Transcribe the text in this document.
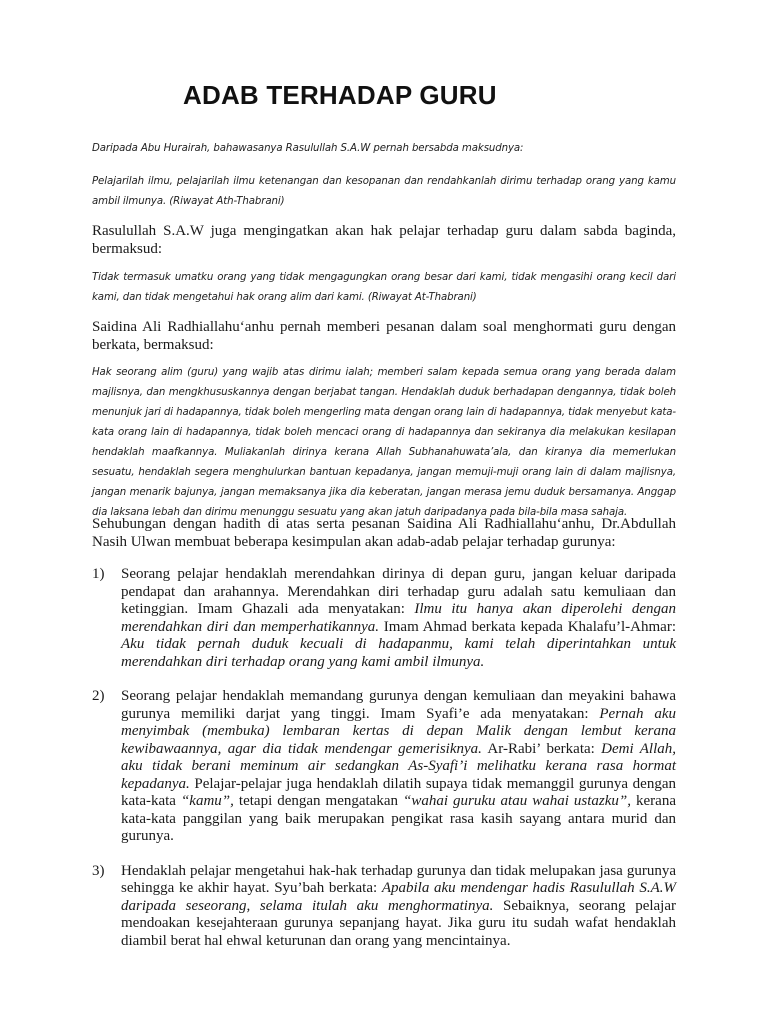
ADAB TERHADAP GURU

Daripada Abu Hurairah, bahawasanya Rasulullah S.A.W pernah bersabda maksudnya:

Pelajarilah ilmu, pelajarilah ilmu ketenangan dan kesopanan dan rendahkanlah dirimu terhadap orang yang kamu ambil ilmunya. (Riwayat Ath-Thabrani)

Rasulullah S.A.W juga mengingatkan akan hak pelajar terhadap guru dalam sabda baginda, bermaksud:

Tidak termasuk umatku orang yang tidak mengagungkan orang besar dari kami, tidak mengasihi orang kecil dari kami, dan tidak mengetahui hak orang alim dari kami. (Riwayat At-Thabrani)

Saidina Ali Radhiallahu‘anhu pernah memberi pesanan dalam soal menghormati guru dengan berkata, bermaksud:

Hak seorang alim (guru) yang wajib atas dirimu ialah; memberi salam kepada semua orang yang berada dalam majlisnya, dan mengkhususkannya dengan berjabat tangan. Hendaklah duduk berhadapan dengannya, tidak boleh menunjuk jari di hadapannya, tidak boleh mengerling mata dengan orang lain di hadapannya, tidak menyebut kata-kata orang lain di hadapannya, tidak boleh mencaci orang di hadapannya dan sekiranya dia melakukan kesilapan hendaklah maafkannya. Muliakanlah dirinya kerana Allah Subhanahuwata’ala, dan kiranya dia memerlukan sesuatu, hendaklah segera menghulurkan bantuan kepadanya, jangan memuji-muji orang lain di dalam majlisnya, jangan menarik bajunya, jangan memaksanya jika dia keberatan, jangan merasa jemu duduk bersamanya. Anggap dia laksana lebah dan dirimu menunggu sesuatu yang akan jatuh daripadanya pada bila-bila masa sahaja.

Sehubungan dengan hadith di atas serta pesanan Saidina Ali Radhiallahu‘anhu, Dr.Abdullah Nasih Ulwan membuat beberapa kesimpulan akan adab-adab pelajar terhadap gurunya:

1) Seorang pelajar hendaklah merendahkan dirinya di depan guru, jangan keluar daripada pendapat dan arahannya. Merendahkan diri terhadap guru adalah satu kemuliaan dan ketinggian. Imam Ghazali ada menyatakan: Ilmu itu hanya akan diperolehi dengan merendahkan diri dan memperhatikannya. Imam Ahmad berkata kepada Khalafu’l-Ahmar: Aku tidak pernah duduk kecuali di hadapanmu, kami telah diperintahkan untuk merendahkan diri terhadap orang yang kami ambil ilmunya.
2) Seorang pelajar hendaklah memandang gurunya dengan kemuliaan dan meyakini bahawa gurunya memiliki darjat yang tinggi. Imam Syafi’e ada menyatakan: Pernah aku menyimbak (membuka) lembaran kertas di depan Malik dengan lembut kerana kewibawaannya, agar dia tidak mendengar gemerisiknya. Ar-Rabi’ berkata: Demi Allah, aku tidak berani meminum air sedangkan As-Syafi’i melihatku kerana rasa hormat kepadanya. Pelajar-pelajar juga hendaklah dilatih supaya tidak memanggil gurunya dengan kata-kata “kamu”, tetapi dengan mengatakan “wahai guruku atau wahai ustazku”, kerana kata-kata panggilan yang baik merupakan pengikat rasa kasih sayang antara murid dan gurunya.
3) Hendaklah pelajar mengetahui hak-hak terhadap gurunya dan tidak melupakan jasa gurunya sehingga ke akhir hayat. Syu’bah berkata: Apabila aku mendengar hadis Rasulullah S.A.W daripada seseorang, selama itulah aku menghormatinya. Sebaiknya, seorang pelajar mendoakan kesejahteraan gurunya sepanjang hayat. Jika guru itu sudah wafat hendaklah diambil berat hal ehwal keturunan dan orang yang mencintainya.
